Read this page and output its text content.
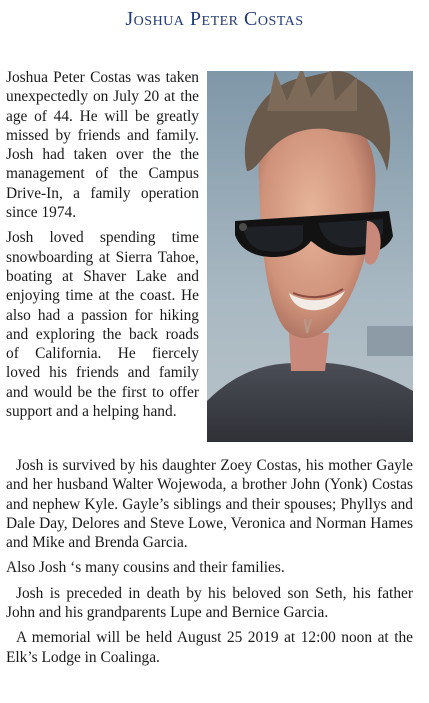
Joshua Peter Costas

Joshua Peter Costas was taken unexpectedly on July 20 at the age of 44. He will be greatly missed by friends and family. Josh had taken over the the management of the Campus Drive-In, a family operation since 1974.

Josh loved spending time snowboarding at Sierra Tahoe, boating at Shaver Lake and enjoying time at the coast. He also had a passion for hiking and exploring the back roads of California. He fiercely loved his friends and family and would be the first to offer support and a helping hand.

Josh is survived by his daughter Zoey Costas, his mother Gayle and her husband Walter Wojewoda, a brother John (Yonk) Costas and nephew Kyle. Gayle’s siblings and their spouses; Phyllys and Dale Day, Delores and Steve Lowe, Veronica and Norman Hames and Mike and Brenda Garcia.

Also Josh ‘s many cousins and their families.

Josh is preceded in death by his beloved son Seth, his father John and his grandparents Lupe and Bernice Garcia.

A memorial will be held August 25 2019 at 12:00 noon at the Elk’s Lodge in Coalinga.
